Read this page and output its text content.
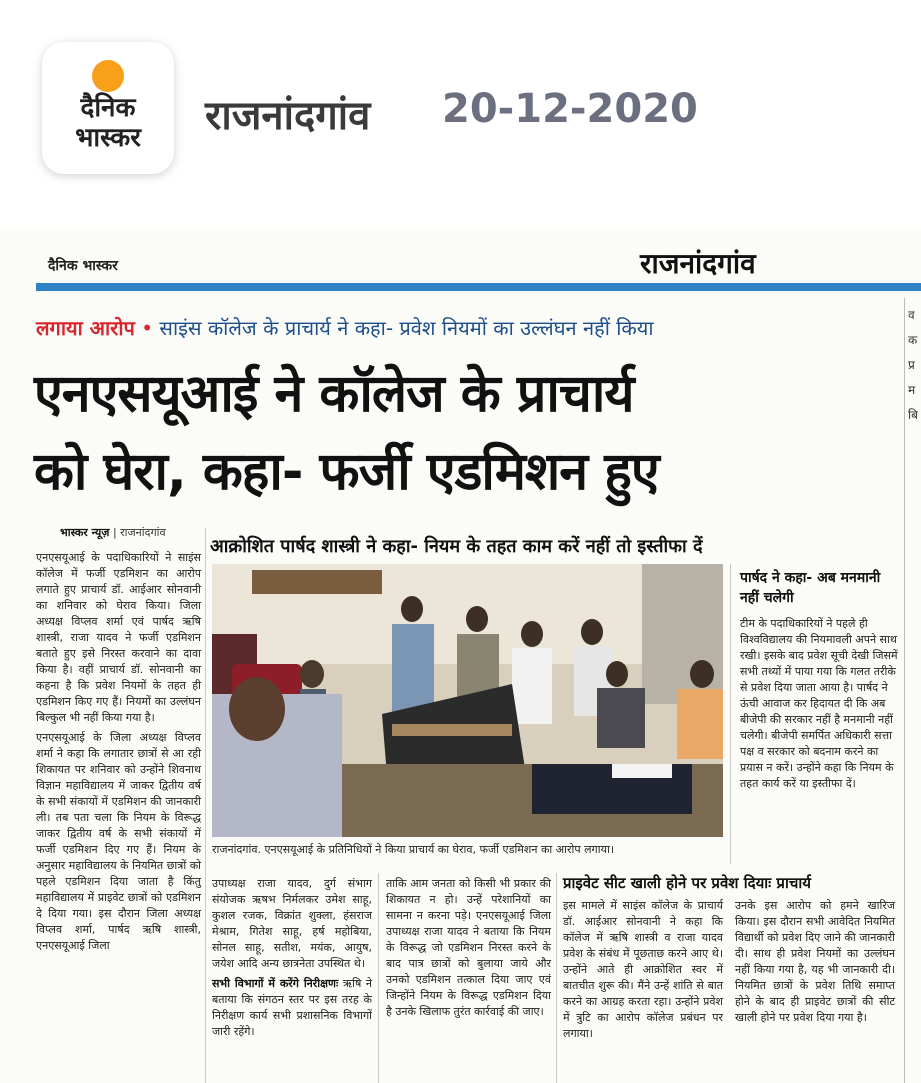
दैनिक
भास्कर	राजनांदगांव 20-12-2020
दैनिक भास्कर	राजनांदगांव
लगाया आरोप • साइंस कॉलेज के प्राचार्य ने कहा- प्रवेश नियमों का उल्लंघन नहीं किया
एनएसयूआई ने कॉलेज के प्राचार्य
को घेरा, कहा- फर्जी एडमिशन हुए
व
क
प्र
म
बि
भास्कर न्यूज़ | राजनांदगांव
आक्रोशित पार्षद शास्त्री ने कहा- नियम के तहत काम करें नहीं तो इस्तीफा दें

एनएसयूआई के पदाधिकारियों ने साइंस कॉलेज में फर्जी एडमिशन का आरोप लगाते हुए प्राचार्य डॉ. आईआर सोनवानी का शनिवार को घेराव किया। जिला अध्यक्ष विप्लव शर्मा एवं पार्षद ऋषि शास्त्री, राजा यादव ने फर्जी एडमिशन बताते हुए इसे निरस्त करवाने का दावा किया है। वहीं प्राचार्य डॉ. सोनवानी का कहना है कि प्रवेश नियमों के तहत ही एडमिशन किए गए हैं। नियमों का उल्लंघन बिल्कुल भी नहीं किया गया है।

एनएसयूआई के जिला अध्यक्ष विप्लव शर्मा ने कहा कि लगातार छात्रों से आ रही शिकायत पर शनिवार को उन्होंने शिवनाथ विज्ञान महाविद्यालय में जाकर द्वितीय वर्ष के सभी संकायों में एडमिशन की जानकारी ली। तब पता चला कि नियम के विरूद्ध जाकर द्वितीय वर्ष के सभी संकायों में फर्जी एडमिशन दिए गए हैं। नियम के अनुसार महाविद्यालय के नियमित छात्रों को पहले एडमिशन दिया जाता है किंतु महाविद्यालय में प्राइवेट छात्रों को एडमिशन दे दिया गया। इस दौरान जिला अध्यक्ष विप्लव शर्मा, पार्षद ऋषि शास्त्री, एनएसयूआई जिला

राजनांदगांव. एनएसयूआई के प्रतिनिधियों ने किया प्राचार्य का घेराव, फर्जी एडमिशन का आरोप लगाया।
पार्षद ने कहा- अब मनमानी नहीं चलेगी
टीम के पदाधिकारियों ने पहले ही विश्वविद्यालय की नियमावली अपने साथ रखी। इसके बाद प्रवेश सूची देखी जिसमें सभी तथ्यों में पाया गया कि गलत तरीके से प्रवेश दिया जाता आया है। पार्षद ने ऊंची आवाज कर हिदायत दी कि अब बीजेपी की सरकार नहीं है मनमानी नहीं चलेगी। बीजेपी समर्पित अधिकारी सत्ता पक्ष व सरकार को बदनाम करने का प्रयास न करें। उन्होंने कहा कि नियम के तहत कार्य करें या इस्तीफा दें।

उपाध्यक्ष राजा यादव, दुर्ग संभाग संयोजक ऋषभ निर्मलकर उमेश साहू, कुशल रजक, विक्रांत शुक्ला, हंसराज मेश्राम, गितेश साहू, हर्ष महोबिया, सोनल साहू, सतीश, मयंक, आयुष, जयेश आदि अन्य छात्रनेता उपस्थित थे।

सभी विभागों में करेंगे निरीक्षणः ऋषि ने बताया कि संगठन स्तर पर इस तरह के निरीक्षण कार्य सभी प्रशासनिक विभागों जारी रहेंगे।

ताकि आम जनता को किसी भी प्रकार की शिकायत न हो। उन्हें परेशानियों का सामना न करना पड़े। एनएसयूआई जिला उपाध्यक्ष राजा यादव ने बताया कि नियम के विरूद्ध जो एडमिशन निरस्त करने के बाद पात्र छात्रों को बुलाया जाये और उनको एडमिशन तत्काल दिया जाए एवं जिन्होंने नियम के विरूद्ध एडमिशन दिया है उनके खिलाफ तुरंत कार्रवाई की जाए।

प्राइवेट सीट खाली होने पर प्रवेश दियाः प्राचार्य

इस मामले में साइंस कॉलेज के प्राचार्य डॉ. आईआर सोनवानी ने कहा कि कॉलेज में ऋषि शास्त्री व राजा यादव प्रवेश के संबंध में पूछताछ करने आए थे। उन्होंने आते ही आक्रोशित स्वर में बातचीत शुरू की। मैंने उन्हें शांति से बात करने का आग्रह करता रहा। उन्होंने प्रवेश में त्रुटि का आरोप कॉलेज प्रबंधन पर लगाया।

उनके इस आरोप को हमने खारिज किया। इस दौरान सभी आवेदित नियमित विद्यार्थी को प्रवेश दिए जाने की जानकारी दी। साथ ही प्रवेश नियमों का उल्लंघन नहीं किया गया है, यह भी जानकारी दी। नियमित छात्रों के प्रवेश तिथि समाप्त होने के बाद ही प्राइवेट छात्रों की सीट खाली होने पर प्रवेश दिया गया है।
